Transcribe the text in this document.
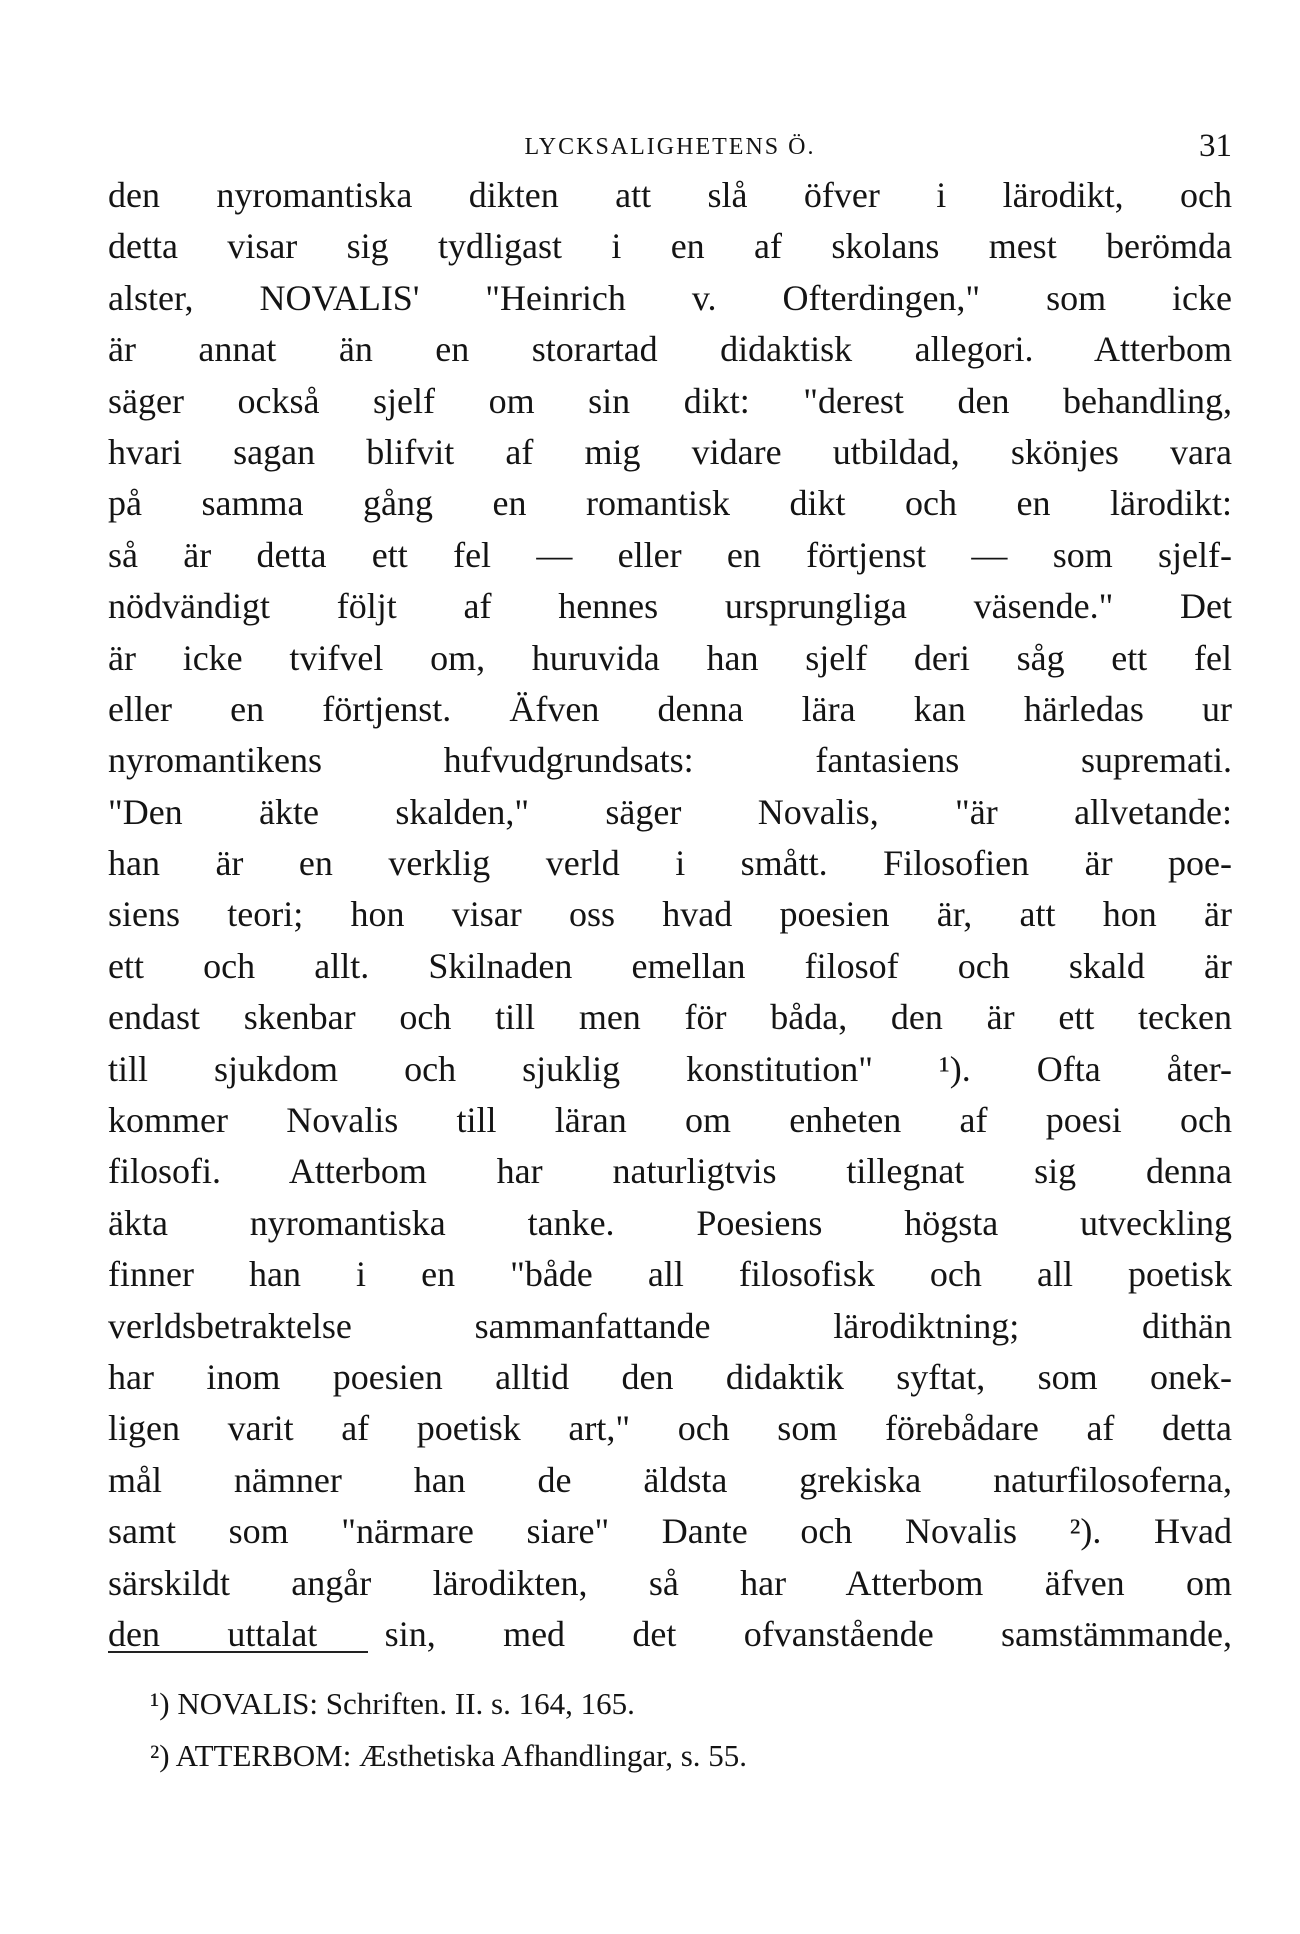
LYCKSALIGHETENS Ö.	31
den nyromantiska dikten att slå öfver i lärodikt, och
detta visar sig tydligast i en af skolans mest berömda
alster, NOVALIS' "Heinrich v. Ofterdingen," som icke
är annat än en storartad didaktisk allegori. Atterbom
säger också sjelf om sin dikt: "derest den behandling,
hvari sagan blifvit af mig vidare utbildad, skönjes vara
på samma gång en romantisk dikt och en lärodikt:
så är detta ett fel — eller en förtjenst — som sjelf-
nödvändigt följt af hennes ursprungliga väsende." Det
är icke tvifvel om, huruvida han sjelf deri såg ett fel
eller en förtjenst. Äfven denna lära kan härledas ur
nyromantikens hufvudgrundsats: fantasiens suprematі.
"Den äkte skalden," säger Novalis, "är allvetande:
han är en verklig verld i smått. Filosofien är poe-
siens teori; hon visar oss hvad poesien är, att hon är
ett och allt. Skilnaden emellan filosof och skald är
endast skenbar och till men för båda, den är ett tecken
till sjukdom och sjuklig konstitution" ¹). Ofta åter-
kommer Novalis till läran om enheten af poesi och
filosofi. Atterbom har naturligtvis tillegnat sig denna
äkta nyromantiska tanke. Poesiens högsta utveckling
finner han i en "både all filosofisk och all poetisk
verldsbetraktelse sammanfattande lärodiktning; dithän
har inom poesien alltid den didaktik syftat, som onek-
ligen varit af poetisk art," och som förebådare af detta
mål nämner han de äldsta grekiska naturfilosoferna,
samt som "närmare siare" Dante och Novalis ²). Hvad
särskildt angår lärodikten, så har Atterbom äfven om
den uttalat sin, med det ofvanstående samstämmande,
¹) NOVALIS: Schriften. II. s. 164, 165.
²) ATTERBOM: Æsthetiska Afhandlingar, s. 55.
